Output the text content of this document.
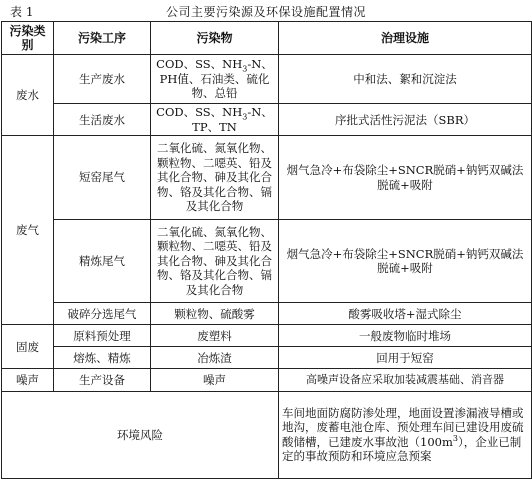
表 1	公司主要污染源及环保设施配置情况
污染类别	污染工序	污染物	治理设施
废水	生产废水	COD、SS、$NH_3-N$、PH值、石油类、硫化物、总铅	中和法、絮和沉淀法
	生活废水	COD、SS、$NH_3-N$、TP、TN	序批式活性污泥法（SBR）
废气	短窑尾气	二氧化硫、氮氧化物、颗粒物、二噁英、铅及其化合物、砷及其化合物、铬及其化合物、镉及其化合物	烟气急冷+布袋除尘+SNCR脱硝+钠钙双碱法脱硫+吸附
	精炼尾气	二氧化硫、氮氧化物、颗粒物、二噁英、铅及其化合物、砷及其化合物、铬及其化合物、镉及其化合物	烟气急冷+布袋除尘+SNCR脱硝+钠钙双碱法脱硫+吸附
	破碎分选尾气	颗粒物、硫酸雾	酸雾吸收塔+湿式除尘
固废	原料预处理	废塑料	一般废物临时堆场
	熔炼、精炼	冶炼渣	回用于短窑
噪声	生产设备	噪声	高噪声设备应采取加装减震基础、消音器
环境风险			车间地面防腐防渗处理，地面设置渗漏液导槽或地沟，废蓄电池仓库、预处理车间已建设用废硫酸储槽，已建废水事故池$(100m^3)$，企业已制定的事故预防和环境应急预案
